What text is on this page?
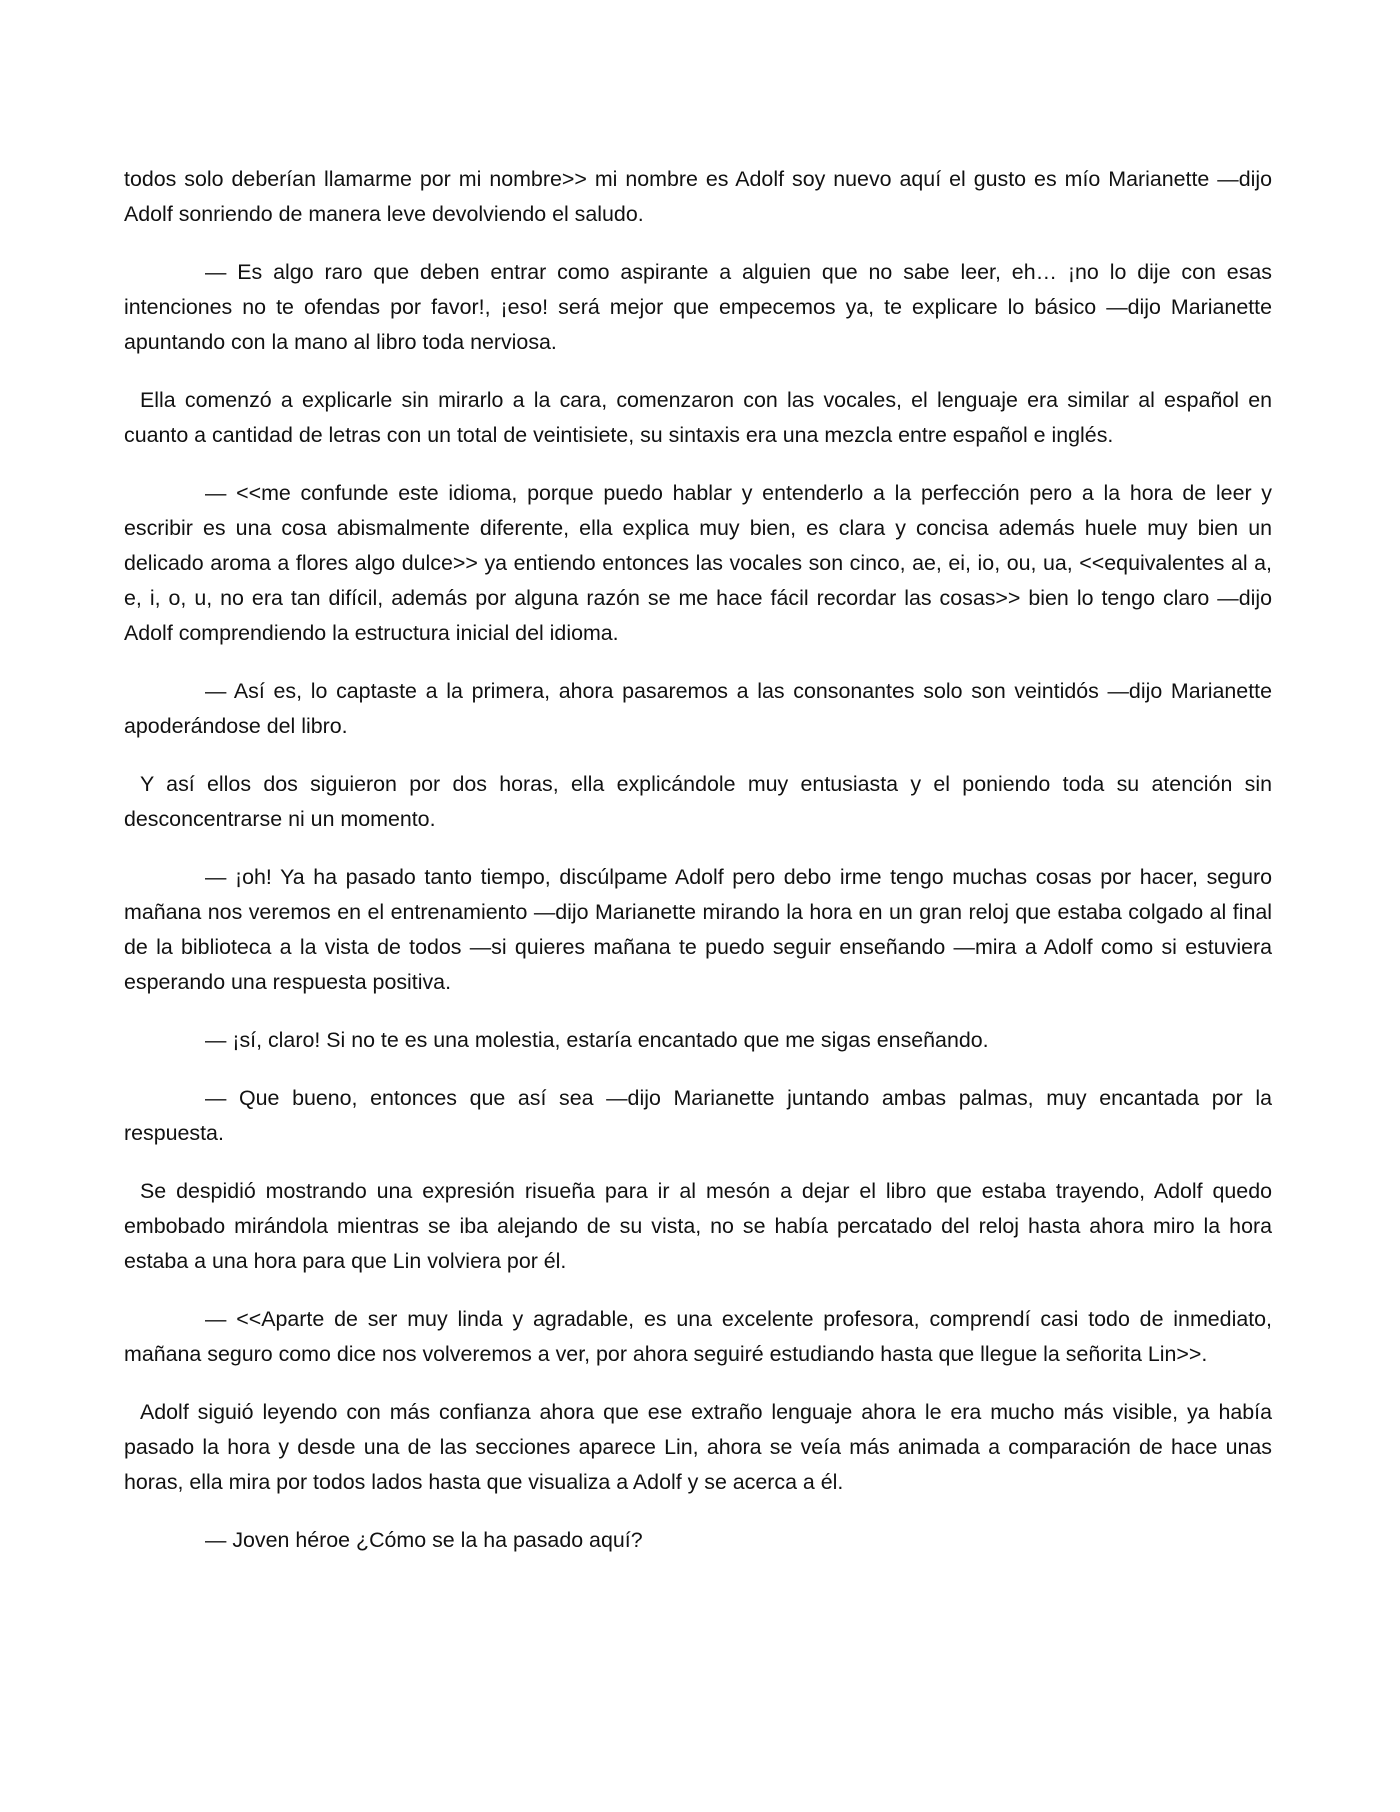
todos solo deberían llamarme por mi nombre>> mi nombre es Adolf soy nuevo aquí el gusto es mío Marianette —dijo Adolf sonriendo de manera leve devolviendo el saludo.

— Es algo raro que deben entrar como aspirante a alguien que no sabe leer, eh… ¡no lo dije con esas intenciones no te ofendas por favor!, ¡eso! será mejor que empecemos ya, te explicare lo básico —dijo Marianette apuntando con la mano al libro toda nerviosa.

Ella comenzó a explicarle sin mirarlo a la cara, comenzaron con las vocales, el lenguaje era similar al español en cuanto a cantidad de letras con un total de veintisiete, su sintaxis era una mezcla entre español e inglés.

— <<me confunde este idioma, porque puedo hablar y entenderlo a la perfección pero a la hora de leer y escribir es una cosa abismalmente diferente, ella explica muy bien, es clara y concisa además huele muy bien un delicado aroma a flores algo dulce>> ya entiendo entonces las vocales son cinco, ae, ei, io, ou, ua, <<equivalentes al a, e, i, o, u, no era tan difícil, además por alguna razón se me hace fácil recordar las cosas>> bien lo tengo claro —dijo Adolf comprendiendo la estructura inicial del idioma.

— Así es, lo captaste a la primera, ahora pasaremos a las consonantes solo son veintidós —dijo Marianette apoderándose del libro.

Y así ellos dos siguieron por dos horas, ella explicándole muy entusiasta y el poniendo toda su atención sin desconcentrarse ni un momento.

— ¡oh! Ya ha pasado tanto tiempo, discúlpame Adolf pero debo irme tengo muchas cosas por hacer, seguro mañana nos veremos en el entrenamiento —dijo Marianette mirando la hora en un gran reloj que estaba colgado al final de la biblioteca a la vista de todos —si quieres mañana te puedo seguir enseñando —mira a Adolf como si estuviera esperando una respuesta positiva.

— ¡sí, claro! Si no te es una molestia, estaría encantado que me sigas enseñando.

— Que bueno, entonces que así sea —dijo Marianette juntando ambas palmas, muy encantada por la respuesta.

Se despidió mostrando una expresión risueña para ir al mesón a dejar el libro que estaba trayendo, Adolf quedo embobado mirándola mientras se iba alejando de su vista, no se había percatado del reloj hasta ahora miro la hora estaba a una hora para que Lin volviera por él.

— <<Aparte de ser muy linda y agradable, es una excelente profesora, comprendí casi todo de inmediato, mañana seguro como dice nos volveremos a ver, por ahora seguiré estudiando hasta que llegue la señorita Lin>>.

Adolf siguió leyendo con más confianza ahora que ese extraño lenguaje ahora le era mucho más visible, ya había pasado la hora y desde una de las secciones aparece Lin, ahora se veía más animada a comparación de hace unas horas, ella mira por todos lados hasta que visualiza a Adolf y se acerca a él.

— Joven héroe ¿Cómo se la ha pasado aquí?
